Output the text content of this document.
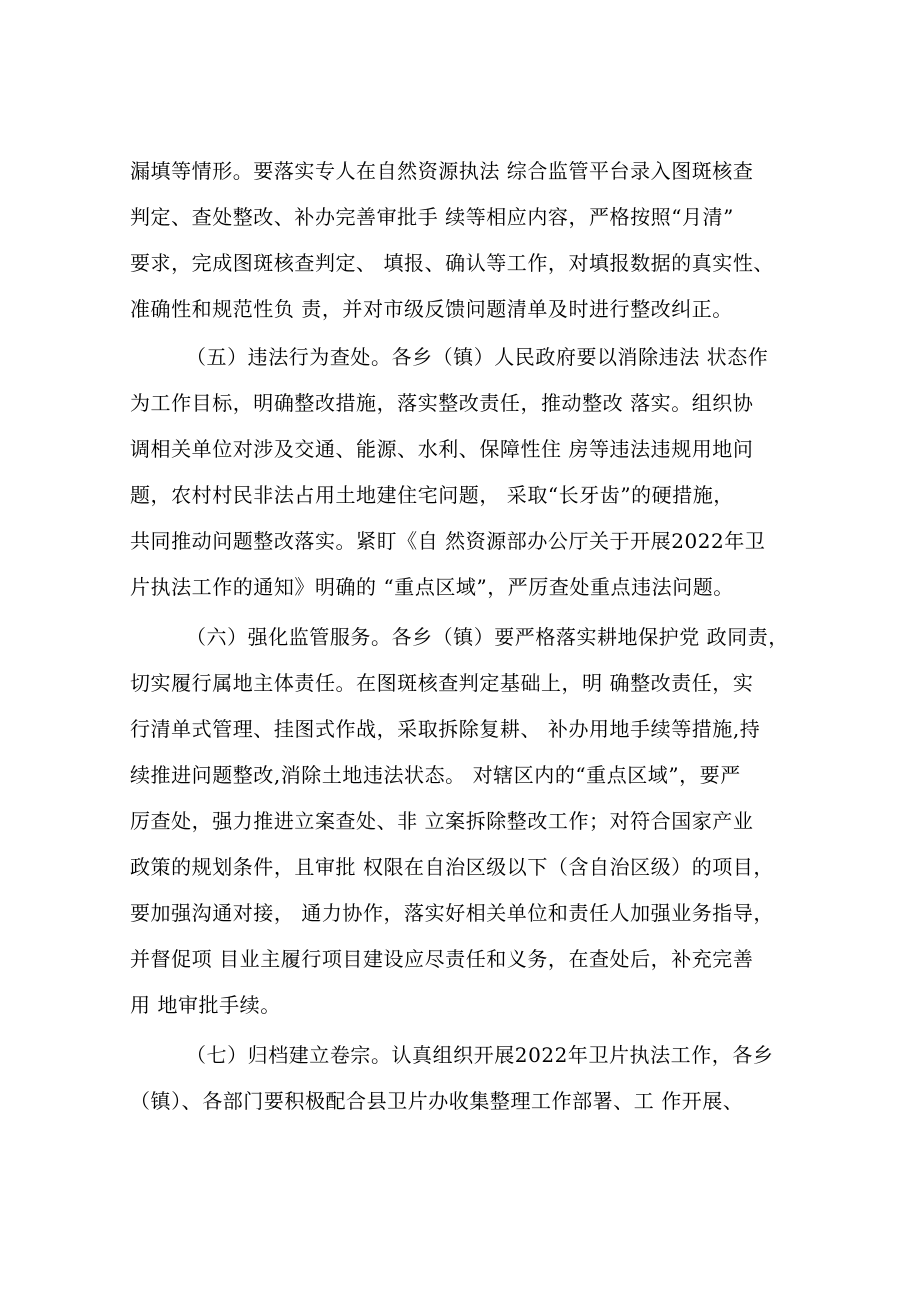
漏填等情形。要落实专人在自然资源执法 综合监管平台录入图斑核查
判定、查处整改、补办完善审批手 续等相应内容，严格按照“月清”
要求，完成图斑核查判定、 填报、确认等工作，对填报数据的真实性、
准确性和规范性负 责，并对市级反馈问题清单及时进行整改纠正。
（五）违法行为查处。各乡（镇）人民政府要以消除违法 状态作
为工作目标，明确整改措施，落实整改责任，推动整改 落实。组织协
调相关单位对涉及交通、能源、水利、保障性住 房等违法违规用地问
题，农村村民非法占用土地建住宅问题， 采取“长牙齿”的硬措施，
共同推动问题整改落实。紧盯《自 然资源部办公厅关于开展2022年卫
片执法工作的通知》明确的 “重点区域”，严厉查处重点违法问题。
（六）强化监管服务。各乡（镇）要严格落实耕地保护党 政同责，
切实履行属地主体责任。在图斑核查判定基础上，明 确整改责任，实
行清单式管理、挂图式作战，采取拆除复耕、 补办用地手续等措施,持
续推进问题整改,消除土地违法状态。 对辖区内的“重点区域”，要严
厉查处，强力推进立案查处、非 立案拆除整改工作；对符合国家产业
政策的规划条件，且审批 权限在自治区级以下（含自治区级）的项目，
要加强沟通对接， 通力协作，落实好相关单位和责任人加强业务指导，
并督促项 目业主履行项目建设应尽责任和义务，在查处后，补充完善
用 地审批手续。
（七）归档建立卷宗。认真组织开展2022年卫片执法工作，各乡
（镇）、各部门要积极配合县卫片办收集整理工作部署、工 作开展、
